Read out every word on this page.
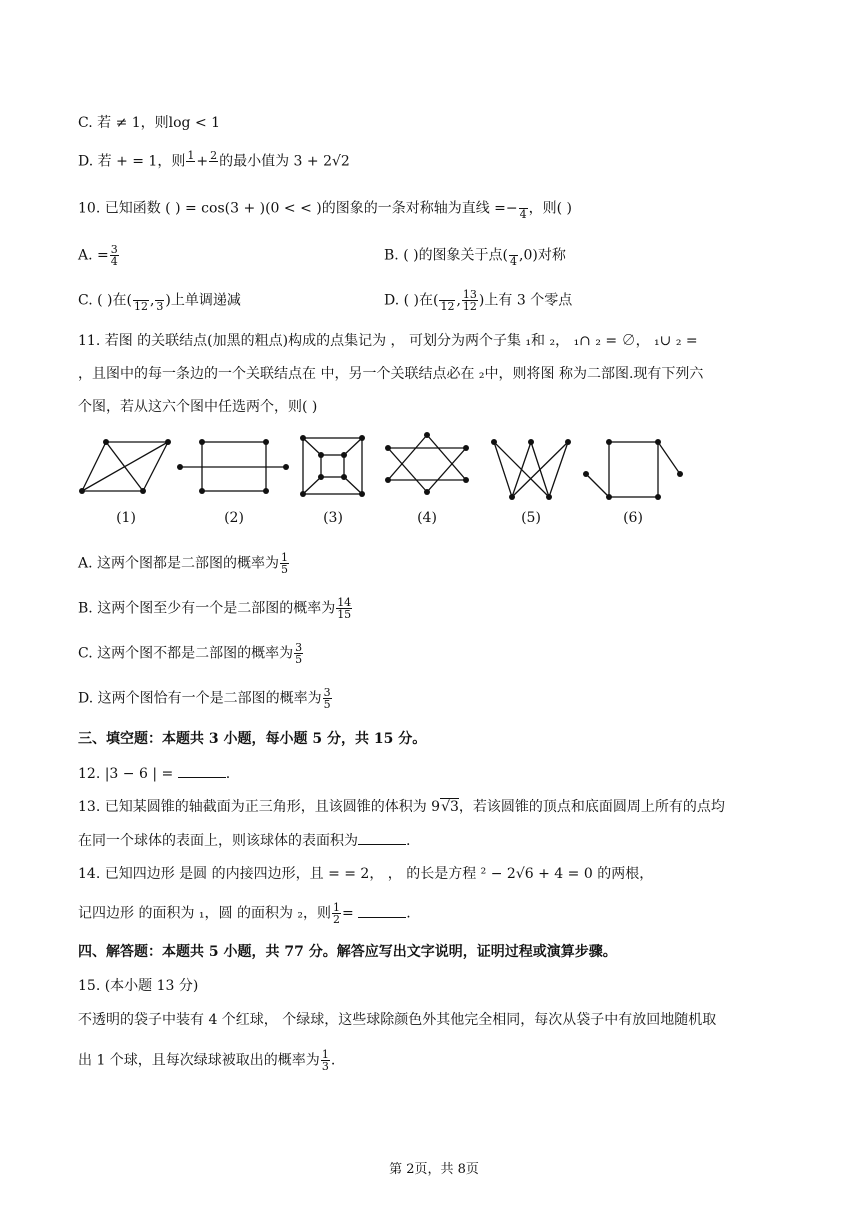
C. 若 ≠ 1，则log < 1
D. 若 + = 1，则 1
+ 2
的最小值为 3 + 2√2
10. 已知函数 ( ) = cos(3 + )(0 < < )的图象的一条对称轴为直线 =−
4 ，则( )
A. = $\frac{3}{4}$	B. ( )的图象关于点(
4 ,0)对称
C. ( )在(
12 ,
3 )上单调递减	D. ( )在(
12 , $\frac{13}{12}$ )上有 3 个零点
11. 若图 的关联结点(加黑的粗点)构成的点集记为 ， 可划分为两个子集 ₁和 ₂， ₁∩ ₂ = ∅， ₁∪ ₂ =
，且图中的每一条边的一个关联结点在 中，另一个关联结点必在 ₂中，则将图 称为二部图.现有下列六
个图，若从这六个图中任选两个，则( )
(1)	(2)	(3)	(4)	(5)	(6)
A. 这两个图都是二部图的概率为 $\frac{1}{5}$
B. 这两个图至少有一个是二部图的概率为 $\frac{14}{15}$
C. 这两个图不都是二部图的概率为 $\frac{3}{5}$
D. 这两个图恰有一个是二部图的概率为 $\frac{3}{5}$
三、填空题：本题共 3 小题，每小题 5 分，共 15 分。
12. |3 − 6 | =	.
13. 已知某圆锥的轴截面为正三角形，且该圆锥的体积为 9√3，若该圆锥的顶点和底面圆周上所有的点均
在同一个球体的表面上，则该球体的表面积为	.
14. 已知四边形 是圆 的内接四边形，且 = = 2， ， 的长是方程 ² − 2√6 + 4 = 0 的两根，
记四边形 的面积为 ₁，圆 的面积为 ₂，则 $\frac{1}{2}$ =	.
四、解答题：本题共 5 小题，共 77 分。解答应写出文字说明，证明过程或演算步骤。
15. (本小题 13 分)
不透明的袋子中装有 4 个红球， 个绿球，这些球除颜色外其他完全相同，每次从袋子中有放回地随机取
出 1 个球，且每次绿球被取出的概率为 $\frac{1}{3}$ .
第 2页，共 8页
